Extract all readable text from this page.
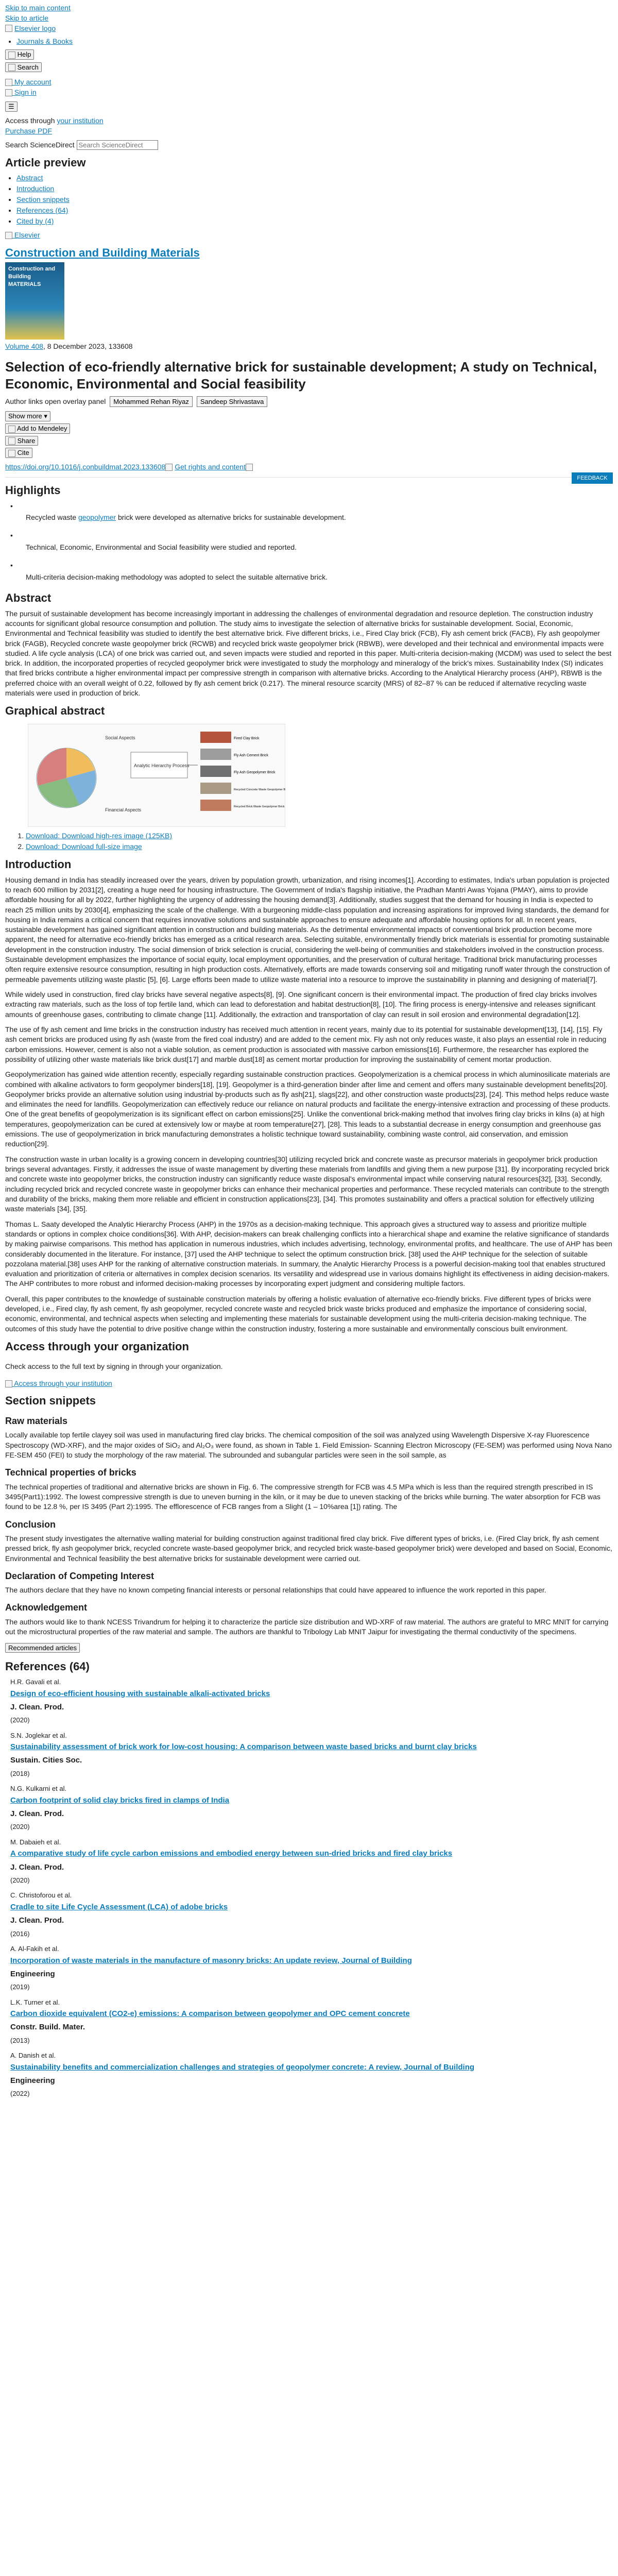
Skip to main content
Skip to article
Elsevier logo
• Journals & Books
Help
Search
My account
Sign in
☰
Access through your institution
Purchase PDF
Search ScienceDirect Search ScienceDirect
Article preview
• Abstract
• Introduction
• Section snippets
• References (64)
• Cited by (4)
Elsevier
Construction and Building Materials
Construction and Building MATERIALS
Volume 408, 8 December 2023, 133608
Selection of eco-friendly alternative brick for sustainable development; A study on Technical, Economic, Environmental and Social feasibility
FEEDBACK
Author links open overlay panel Mohammed Rehan Riyaz Sandeep Shrivastava
Show more ▾
Add to Mendeley
Share
Cite
https://doi.org/10.1016/j.conbuildmat.2023.133608 Get rights and content
Highlights
•

Recycled waste geopolymer brick were developed as alternative bricks for sustainable development.

•

Technical, Economic, Environmental and Social feasibility were studied and reported.

•

Multi-criteria decision-making methodology was adopted to select the suitable alternative brick.

Abstract

The pursuit of sustainable development has become increasingly important in addressing the challenges of environmental degradation and resource depletion. The construction industry accounts for significant global resource consumption and pollution. The study aims to investigate the selection of alternative bricks for sustainable development. Social, Economic, Environmental and Technical feasibility was studied to identify the best alternative brick. Five different bricks, i.e., Fired Clay brick (FCB), Fly ash cement brick (FACB), Fly ash geopolymer brick (FAGB), Recycled concrete waste geopolymer brick (RCWB) and recycled brick waste geopolymer brick (RBWB), were developed and their technical and environmental impacts were studied. A life cycle analysis (LCA) of one brick was carried out, and seven impacts were studied and reported in this paper. Multi-criteria decision-making (MCDM) was used to select the best brick. In addition, the incorporated properties of recycled geopolymer brick were investigated to study the morphology and mineralogy of the brick's mixes. Sustainability Index (SI) indicates that fired bricks contribute a higher environmental impact per compressive strength in comparison with alternative bricks. According to the Analytical Hierarchy process (AHP), RBWB is the preferred choice with an overall weight of 0.22, followed by fly ash cement brick (0.217). The mineral resource scarcity (MRS) of 82–87 % can be reduced if alternative recycling waste materials were used in production of brick.

Graphical abstract
Social Aspects
Financial Aspects
Analytic Hierarchy Process
Fired Clay Brick
Fly Ash Cement Brick
Fly Ash Geopolymer Brick
Recycled Concrete Waste Geopolymer Brick
Recycled Brick Waste Geopolymer Brick
1. Download: Download high-res image (125KB)
2. Download: Download full-size image
Introduction

Housing demand in India has steadily increased over the years, driven by population growth, urbanization, and rising incomes[1]. According to estimates, India's urban population is projected to reach 600 million by 2031[2], creating a huge need for housing infrastructure. The Government of India's flagship initiative, the Pradhan Mantri Awas Yojana (PMAY), aims to provide affordable housing for all by 2022, further highlighting the urgency of addressing the housing demand[3]. Additionally, studies suggest that the demand for housing in India is expected to reach 25 million units by 2030[4], emphasizing the scale of the challenge. With a burgeoning middle-class population and increasing aspirations for improved living standards, the demand for housing in India remains a critical concern that requires innovative solutions and sustainable approaches to ensure adequate and affordable housing options for all. In recent years, sustainable development has gained significant attention in construction and building materials. As the detrimental environmental impacts of conventional brick production become more apparent, the need for alternative eco-friendly bricks has emerged as a critical research area. Selecting suitable, environmentally friendly brick materials is essential for promoting sustainable development in the construction industry. The social dimension of brick selection is crucial, considering the well-being of communities and stakeholders involved in the construction process. Sustainable development emphasizes the importance of social equity, local employment opportunities, and the preservation of cultural heritage. Traditional brick manufacturing processes often require extensive resource consumption, resulting in high production costs. Alternatively, efforts are made towards conserving soil and mitigating runoff water through the construction of permeable pavements utilizing waste plastic [5], [6]. Large efforts been made to utilize waste material into a resource to improve the sustainability in planning and designing of material[7].

While widely used in construction, fired clay bricks have several negative aspects[8], [9]. One significant concern is their environmental impact. The production of fired clay bricks involves extracting raw materials, such as the loss of top fertile land, which can lead to deforestation and habitat destruction[8], [10]. The firing process is energy-intensive and releases significant amounts of greenhouse gases, contributing to climate change [11]. Additionally, the extraction and transportation of clay can result in soil erosion and environmental degradation[12].

The use of fly ash cement and lime bricks in the construction industry has received much attention in recent years, mainly due to its potential for sustainable development[13], [14], [15]. Fly ash cement bricks are produced using fly ash (waste from the fired coal industry) and are added to the cement mix. Fly ash not only reduces waste, it also plays an essential role in reducing carbon emissions. However, cement is also not a viable solution, as cement production is associated with massive carbon emissions[16]. Furthermore, the researcher has explored the possibility of utilizing other waste materials like brick dust[17] and marble dust[18] as cement mortar production for improving the sustainability of cement mortar production.

Geopolymerization has gained wide attention recently, especially regarding sustainable construction practices. Geopolymerization is a chemical process in which aluminosilicate materials are combined with alkaline activators to form geopolymer binders[18], [19]. Geopolymer is a third-generation binder after lime and cement and offers many sustainable development benefits[20]. Geopolymer bricks provide an alternative solution using industrial by-products such as fly ash[21], slags[22], and other construction waste products[23], [24]. This method helps reduce waste and eliminates the need for landfills. Geopolymerization can effectively reduce our reliance on natural products and facilitate the energy-intensive extraction and processing of these products. One of the great benefits of geopolymerization is its significant effect on carbon emissions[25]. Unlike the conventional brick-making method that involves firing clay bricks in kilns (a) at high temperatures, geopolymerization can be cured at extensively low or maybe at room temperature[27], [28]. This leads to a substantial decrease in energy consumption and greenhouse gas emissions. The use of geopolymerization in brick manufacturing demonstrates a holistic technique toward sustainability, combining waste control, aid conservation, and emission reduction[29].

The construction waste in urban locality is a growing concern in developing countries[30] utilizing recycled brick and concrete waste as precursor materials in geopolymer brick production brings several advantages. Firstly, it addresses the issue of waste management by diverting these materials from landfills and giving them a new purpose [31]. By incorporating recycled brick and concrete waste into geopolymer bricks, the construction industry can significantly reduce waste disposal's environmental impact while conserving natural resources[32], [33]. Secondly, including recycled brick and recycled concrete waste in geopolymer bricks can enhance their mechanical properties and performance. These recycled materials can contribute to the strength and durability of the bricks, making them more reliable and efficient in construction applications[23], [34]. This promotes sustainability and offers a practical solution for effectively utilizing waste materials [34], [35].

Thomas L. Saaty developed the Analytic Hierarchy Process (AHP) in the 1970s as a decision-making technique. This approach gives a structured way to assess and prioritize multiple standards or options in complex choice conditions[36]. With AHP, decision-makers can break challenging conflicts into a hierarchical shape and examine the relative significance of standards by making pairwise comparisons. This method has application in numerous industries, which includes advertising, technology, environmental profits, and healthcare. The use of AHP has been considerably documented in the literature. For instance, [37] used the AHP technique to select the optimum construction brick. [38] used the AHP technique for the selection of suitable pozzolana material.[38] uses AHP for the ranking of alternative construction materials. In summary, the Analytic Hierarchy Process is a powerful decision-making tool that enables structured evaluation and prioritization of criteria or alternatives in complex decision scenarios. Its versatility and widespread use in various domains highlight its effectiveness in aiding decision-makers. The AHP contributes to more robust and informed decision-making processes by incorporating expert judgment and considering multiple factors.

Overall, this paper contributes to the knowledge of sustainable construction materials by offering a holistic evaluation of alternative eco-friendly bricks. Five different types of bricks were developed, i.e., Fired clay, fly ash cement, fly ash geopolymer, recycled concrete waste and recycled brick waste bricks produced and emphasize the importance of considering social, economic, environmental, and technical aspects when selecting and implementing these materials for sustainable development using the multi-criteria decision-making technique. The outcomes of this study have the potential to drive positive change within the construction industry, fostering a more sustainable and environmentally conscious built environment.

Access through your organization

Check access to the full text by signing in through your organization.

Access through your institution
Section snippets
Raw materials

Locally available top fertile clayey soil was used in manufacturing fired clay bricks. The chemical composition of the soil was analyzed using Wavelength Dispersive X-ray Fluorescence Spectroscopy (WD-XRF), and the major oxides of SiO₂ and Al₂O₃ were found, as shown in Table 1. Field Emission- Scanning Electron Microscopy (FE-SEM) was performed using Nova Nano FE-SEM 450 (FEI) to study the morphology of the raw material. The subrounded and subangular particles were seen in the soil sample, as

Technical properties of bricks

The technical properties of traditional and alternative bricks are shown in Fig. 6. The compressive strength for FCB was 4.5 MPa which is less than the required strength prescribed in IS 3495(Part1):1992. The lowest compressive strength is due to uneven burning in the kiln, or it may be due to uneven stacking of the bricks while burning. The water absorption for FCB was found to be 12.8 %, per IS 3495 (Part 2):1995. The efflorescence of FCB ranges from a Slight (1 – 10%area [1]) rating. The

Conclusion

The present study investigates the alternative walling material for building construction against traditional fired clay brick. Five different types of bricks, i.e. (Fired Clay brick, fly ash cement pressed brick, fly ash geopolymer brick, recycled concrete waste-based geopolymer brick, and recycled brick waste-based geopolymer brick) were developed and based on Social, Economic, Environmental and Technical feasibility the best alternative bricks for sustainable development were carried out.

Declaration of Competing Interest

The authors declare that they have no known competing financial interests or personal relationships that could have appeared to influence the work reported in this paper.

Acknowledgement

The authors would like to thank NCESS Trivandrum for helping it to characterize the particle size distribution and WD-XRF of raw material. The authors are grateful to MRC MNIT for carrying out the microstructural properties of the raw material and sample. The authors are thankful to Tribology Lab MNIT Jaipur for investigating the thermal conductivity of the specimens.

Recommended articles
References (64)

H.R. Gavali et al.

Design of eco-efficient housing with sustainable alkali-activated bricks

J. Clean. Prod.

(2020)

S.N. Joglekar et al.

Sustainability assessment of brick work for low-cost housing: A comparison between waste based bricks and burnt clay bricks

Sustain. Cities Soc.

(2018)

N.G. Kulkarni et al.

Carbon footprint of solid clay bricks fired in clamps of India

J. Clean. Prod.

(2020)

M. Dabaieh et al.

A comparative study of life cycle carbon emissions and embodied energy between sun-dried bricks and fired clay bricks

J. Clean. Prod.

(2020)

C. Christoforou et al.

Cradle to site Life Cycle Assessment (LCA) of adobe bricks

J. Clean. Prod.

(2016)

A. Al-Fakih et al.

Incorporation of waste materials in the manufacture of masonry bricks: An update review, Journal of Building

Engineering

(2019)

L.K. Turner et al.

Carbon dioxide equivalent (CO2-e) emissions: A comparison between geopolymer and OPC cement concrete

Constr. Build. Mater.

(2013)

A. Danish et al.

Sustainability benefits and commercialization challenges and strategies of geopolymer concrete: A review, Journal of Building

Engineering

(2022)
